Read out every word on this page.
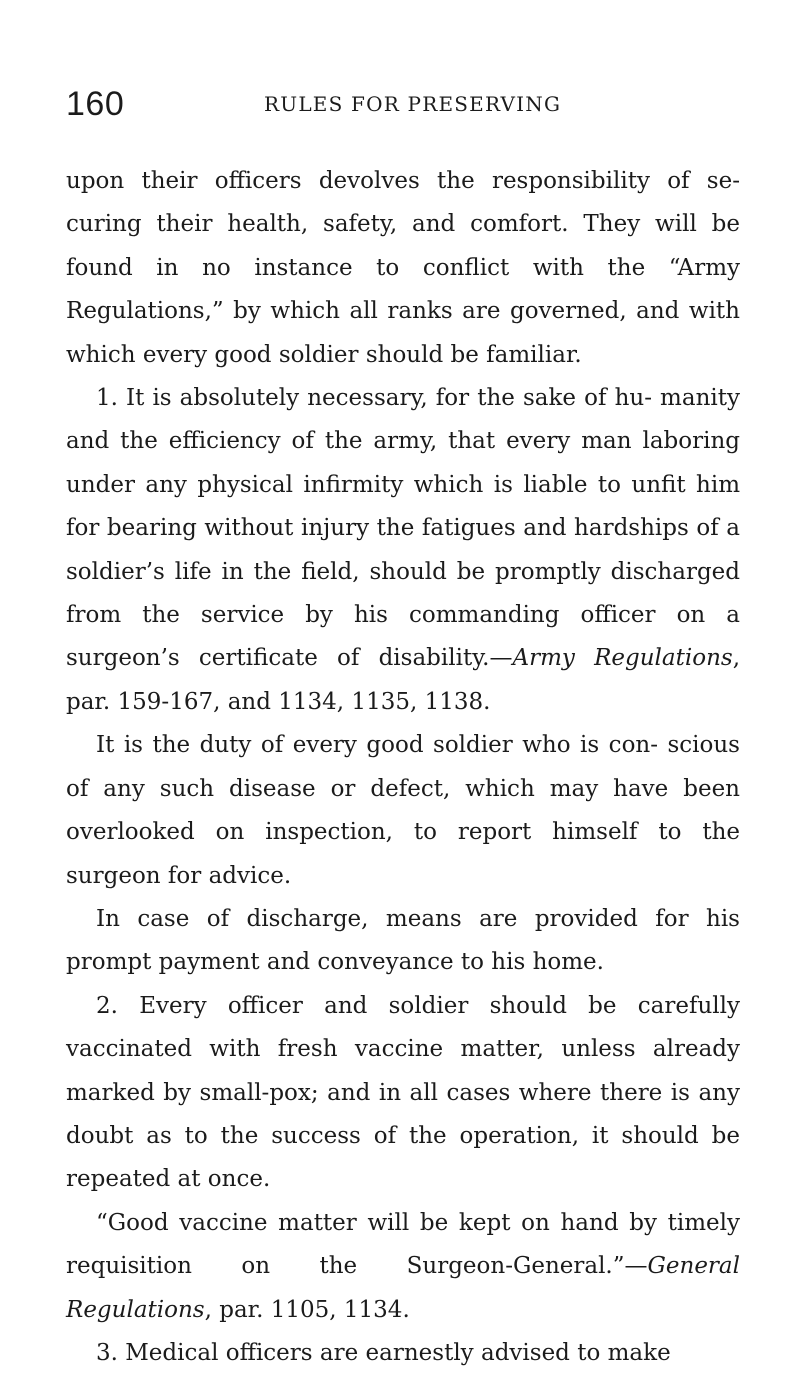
160	RULES FOR PRESERVING

upon their officers devolves the responsibility of se- curing their health, safety, and comfort. They will be found in no instance to conflict with the “Army Regulations,” by which all ranks are governed, and with which every good soldier should be familiar.

1. It is absolutely necessary, for the sake of hu- manity and the efficiency of the army, that every man laboring under any physical infirmity which is liable to unfit him for bearing without injury the fatigues and hardships of a soldier’s life in the field, should be promptly discharged from the service by his commanding officer on a surgeon’s certificate of disability.—Army Regulations, par. 159-167, and 1134, 1135, 1138.

It is the duty of every good soldier who is con- scious of any such disease or defect, which may have been overlooked on inspection, to report himself to the surgeon for advice.

In case of discharge, means are provided for his prompt payment and conveyance to his home.

2. Every officer and soldier should be carefully vaccinated with fresh vaccine matter, unless already marked by small-pox; and in all cases where there is any doubt as to the success of the operation, it should be repeated at once.

“Good vaccine matter will be kept on hand by timely requisition on the Surgeon-General.”—General Regulations, par. 1105, 1134.

3. Medical officers are earnestly advised to make
